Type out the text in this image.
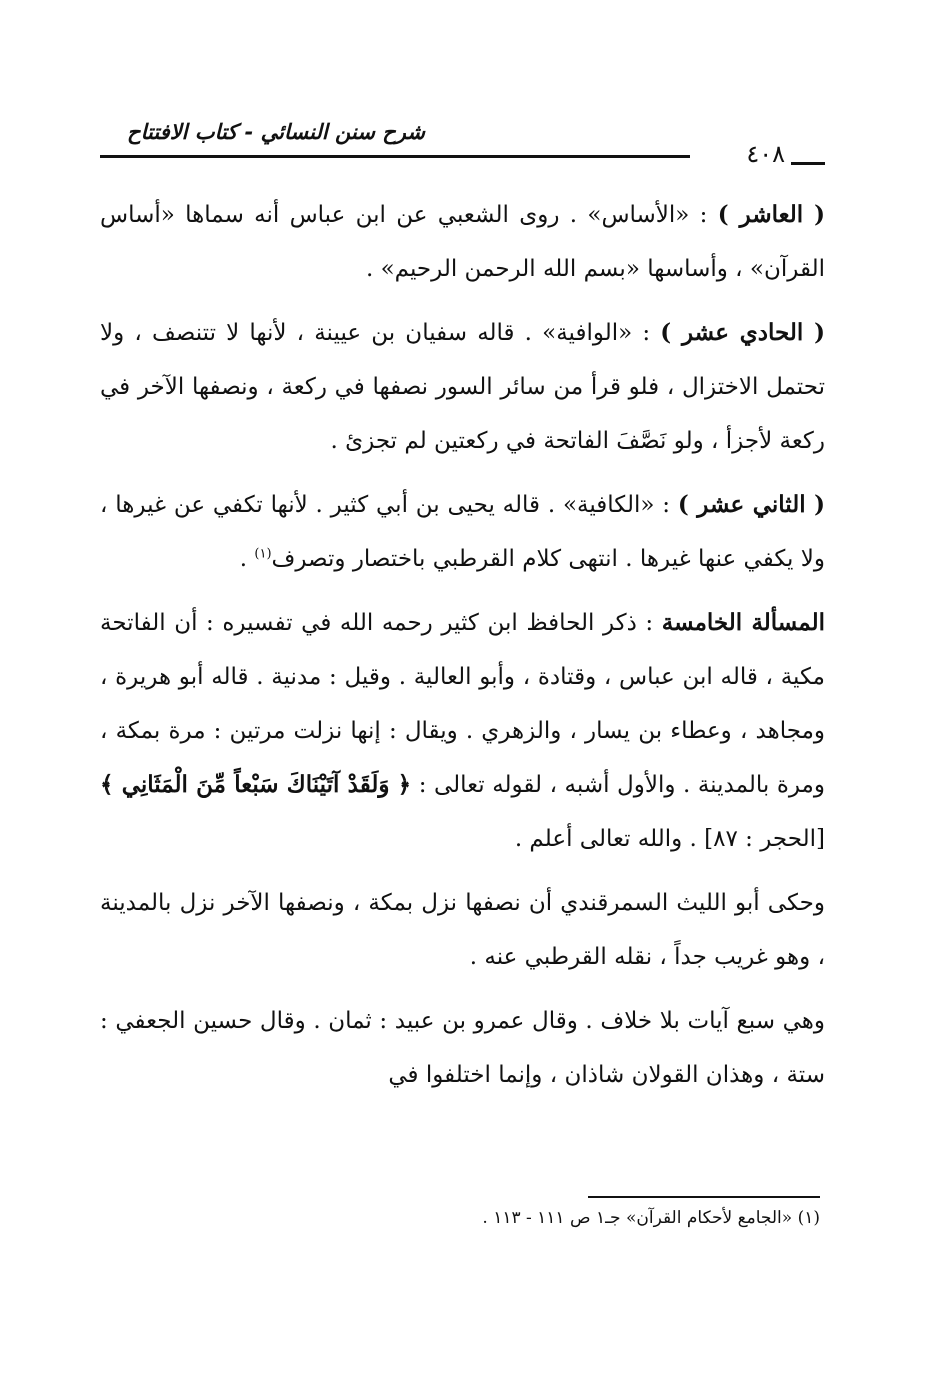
شرح سنن النسائي - كتاب الافتتاح
٤٠٨

( العاشر ) : «الأساس» . روى الشعبي عن ابن عباس أنه سماها «أساس القرآن» ، وأساسها «بسم الله الرحمن الرحيم» .

( الحادي عشر ) : «الوافية» . قاله سفيان بن عيينة ، لأنها لا تتنصف ، ولا تحتمل الاختزال ، فلو قرأ من سائر السور نصفها في ركعة ، ونصفها الآخر في ركعة لأجزأ ، ولو نَصَّفَ الفاتحة في ركعتين لم تجزئ .

( الثاني عشر ) : «الكافية» . قاله يحيى بن أبي كثير . لأنها تكفي عن غيرها ، ولا يكفي عنها غيرها . انتهى كلام القرطبي باختصار وتصرف$^{(١)}$ .

المسألة الخامسة : ذكر الحافظ ابن كثير رحمه الله في تفسيره : أن الفاتحة مكية ، قاله ابن عباس ، وقتادة ، وأبو العالية . وقيل : مدنية . قاله أبو هريرة ، ومجاهد ، وعطاء بن يسار ، والزهري . ويقال : إنها نزلت مرتين : مرة بمكة ، ومرة بالمدينة . والأول أشبه ، لقوله تعالى : ﴿ وَلَقَدْ آتَيْنَاكَ سَبْعاً مِّنَ الْمَثَانِي ﴾ [الحجر : ٨٧] . والله تعالى أعلم .

وحكى أبو الليث السمرقندي أن نصفها نزل بمكة ، ونصفها الآخر نزل بالمدينة ، وهو غريب جداً ، نقله القرطبي عنه .

وهي سبع آيات بلا خلاف . وقال عمرو بن عبيد : ثمان . وقال حسين الجعفي : ستة ، وهذان القولان شاذان ، وإنما اختلفوا في

(١) «الجامع لأحكام القرآن» جـ١ ص ١١١ - ١١٣ .
